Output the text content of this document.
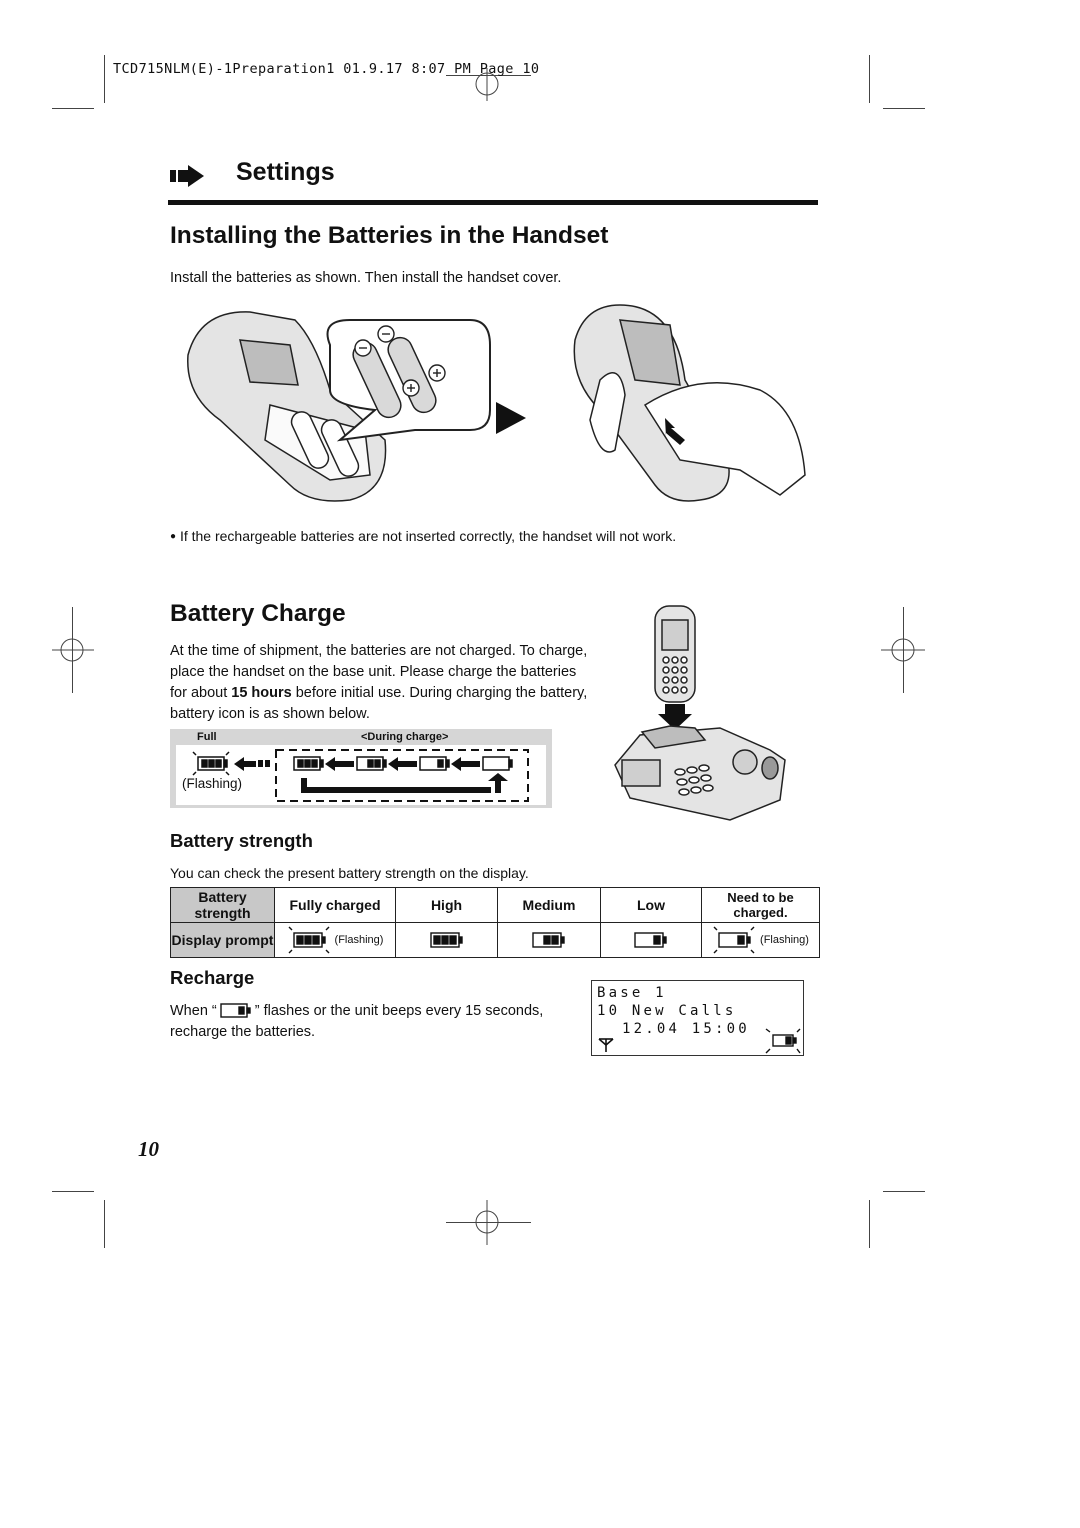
TCD715NLM(E)-1Preparation1 01.9.17 8:07 PM Page 10
Settings
Installing the Batteries in the Handset
Install the batteries as shown. Then install the handset cover.
● If the rechargeable batteries are not inserted correctly, the handset will not work.
Battery Charge
At the time of shipment, the batteries are not charged. To charge,
place the handset on the base unit. Please charge the batteries
for about 15 hours before initial use. During charging the battery,
battery icon is as shown below.
Full	<During charge>
(Flashing)
Battery strength
You can check the present battery strength on the display.
Battery strength	Fully charged	High	Medium	Low	Need to be charged.
Display prompt	(Flashing)				(Flashing)
Recharge
When “	” flashes or the unit beeps every 15 seconds,
recharge the batteries.
Base 1
10 New Calls
12.04 15:00
10
